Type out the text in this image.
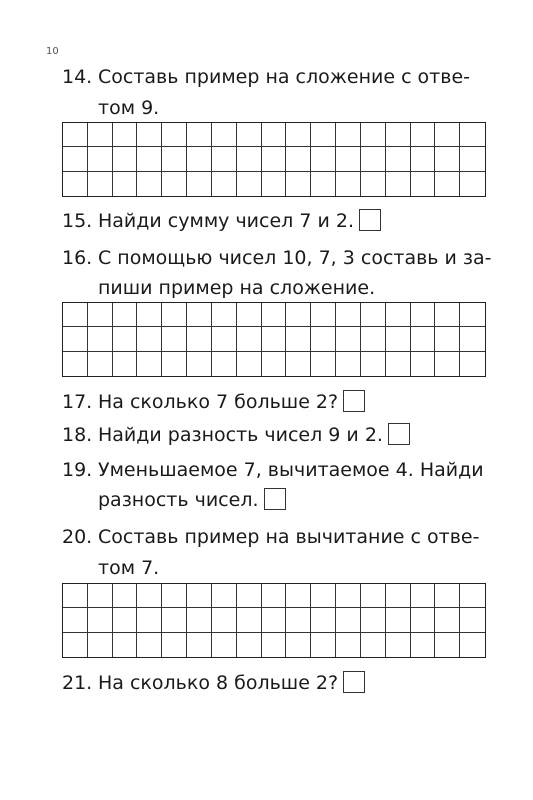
10
14. Составь пример на сложение с отве-
том 9.
15. Найди сумму чисел 7 и 2.
16. С помощью чисел 10, 7, 3 составь и за-
пиши пример на сложение.
17. На сколько 7 больше 2?
18. Найди разность чисел 9 и 2.
19. Уменьшаемое 7, вычитаемое 4. Найди
разность чисел.
20. Составь пример на вычитание с отве-
том 7.
21. На сколько 8 больше 2?
